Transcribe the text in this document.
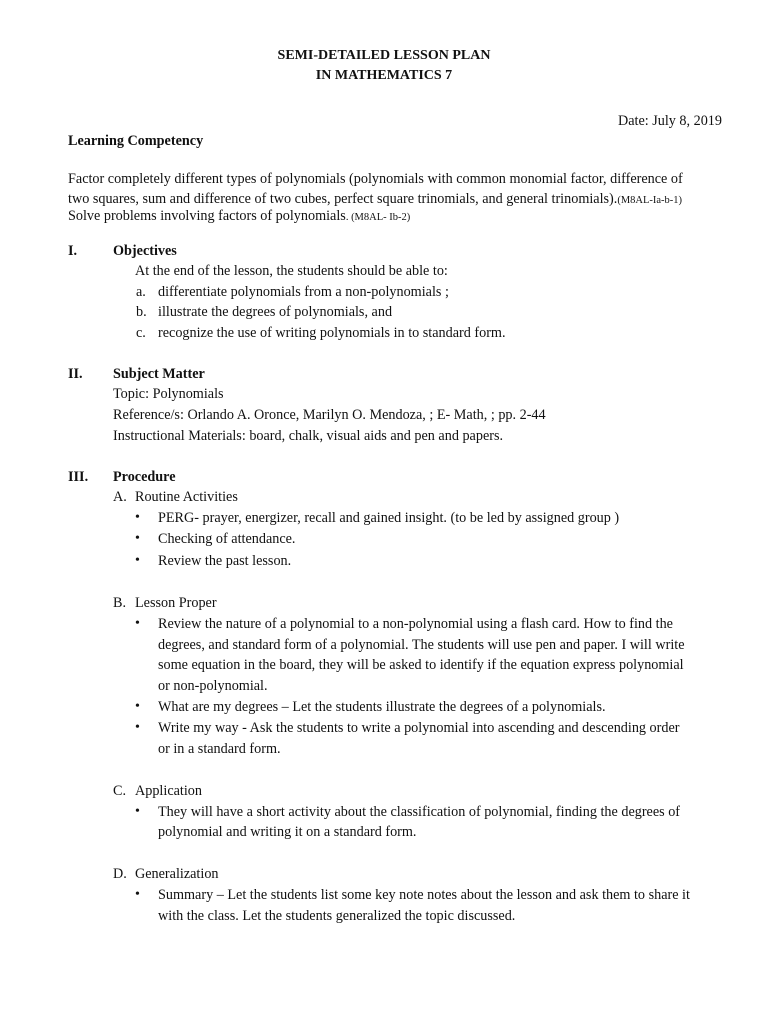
SEMI-DETAILED LESSON PLAN
IN MATHEMATICS 7
Date: July 8, 2019
Learning Competency
Factor completely different types of polynomials (polynomials with common monomial factor, difference of
two squares, sum and difference of two cubes, perfect square trinomials, and general trinomials).(M8AL-Ia-b-1)
Solve problems involving factors of polynomials. (M8AL- Ib-2)
I.	Objectives
At the end of the lesson, the students should be able to:
a. differentiate polynomials from a non-polynomials ;
b. illustrate the degrees of polynomials, and
c. recognize the use of writing polynomials in to standard form.
II. Subject Matter
Topic: Polynomials
Reference/s: Orlando A. Oronce, Marilyn O. Mendoza, ; E- Math, ; pp. 2-44
Instructional Materials: board, chalk, visual aids and pen and papers.
III. Procedure
A. Routine Activities
• PERG- prayer, energizer, recall and gained insight. (to be led by assigned group )
• Checking of attendance.
• Review the past lesson.
B. Lesson Proper
• Review the nature of a polynomial to a non-polynomial using a flash card. How to find the
degrees, and standard form of a polynomial. The students will use pen and paper. I will write
some equation in the board, they will be asked to identify if the equation express polynomial
or non-polynomial.
• What are my degrees – Let the students illustrate the degrees of a polynomials.
• Write my way - Ask the students to write a polynomial into ascending and descending order
or in a standard form.
C. Application
• They will have a short activity about the classification of polynomial, finding the degrees of
polynomial and writing it on a standard form.
D. Generalization
• Summary – Let the students list some key note notes about the lesson and ask them to share it
with the class. Let the students generalized the topic discussed.
